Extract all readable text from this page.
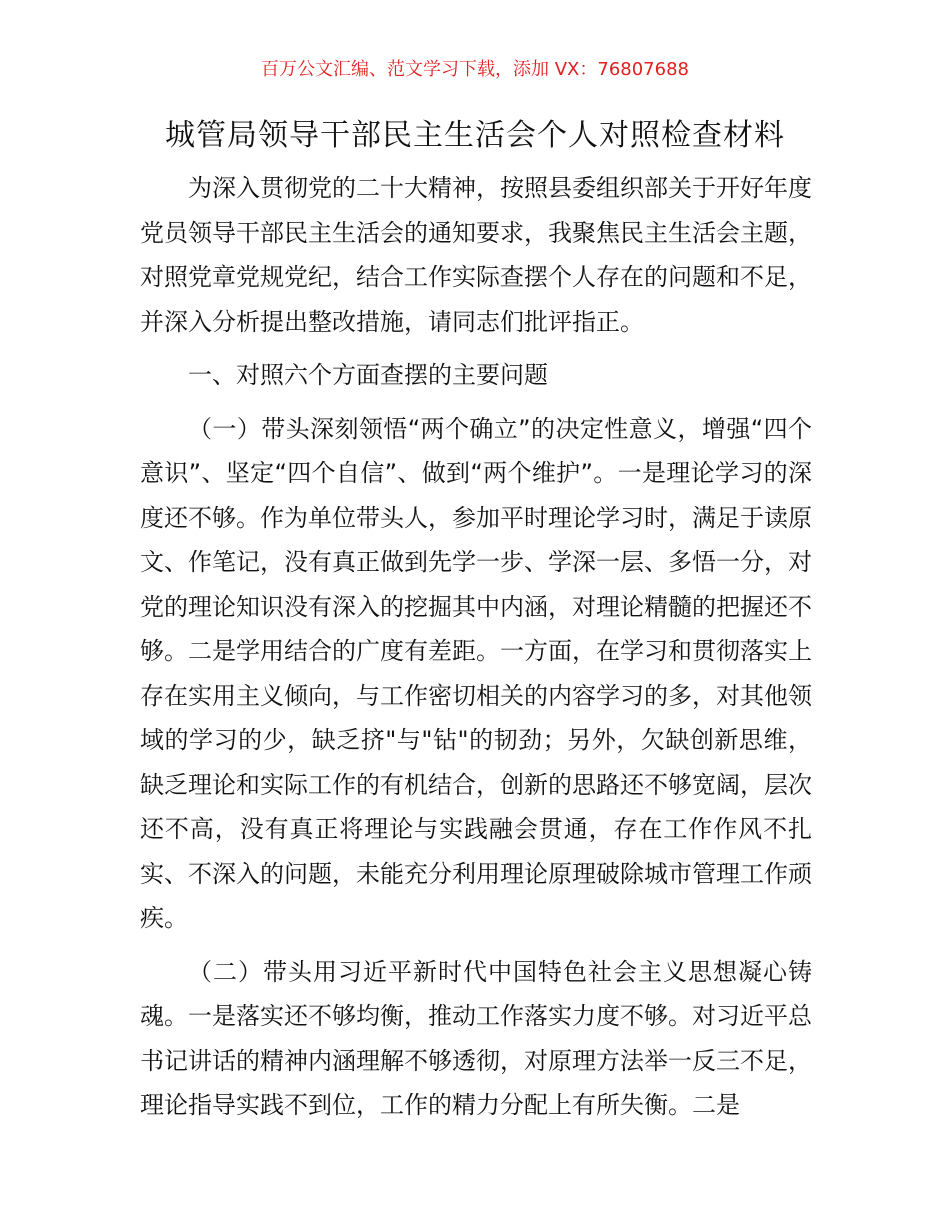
百万公文汇编、范文学习下载，添加 VX：76807688
城管局领导干部民主生活会个人对照检查材料

为深入贯彻党的二十大精神，按照县委组织部关于开好年度党员领导干部民主生活会的通知要求，我聚焦民主生活会主题，对照党章党规党纪，结合工作实际查摆个人存在的问题和不足，并深入分析提出整改措施，请同志们批评指正。

一、对照六个方面查摆的主要问题

（一）带头深刻领悟“两个确立”的决定性意义，增强“四个意识”、坚定“四个自信”、做到“两个维护”。一是理论学习的深度还不够。作为单位带头人，参加平时理论学习时，满足于读原文、作笔记，没有真正做到先学一步、学深一层、多悟一分，对党的理论知识没有深入的挖掘其中内涵，对理论精髓的把握还不够。二是学用结合的广度有差距。一方面，在学习和贯彻落实上存在实用主义倾向，与工作密切相关的内容学习的多，对其他领域的学习的少，缺乏挤"与"钻"的韧劲；另外，欠缺创新思维，缺乏理论和实际工作的有机结合，创新的思路还不够宽阔，层次还不高，没有真正将理论与实践融会贯通，存在工作作风不扎实、不深入的问题，未能充分利用理论原理破除城市管理工作顽疾。

（二）带头用习近平新时代中国特色社会主义思想凝心铸魂。一是落实还不够均衡，推动工作落实力度不够。对习近平总书记讲话的精神内涵理解不够透彻，对原理方法举一反三不足，理论指导实践不到位，工作的精力分配上有所失衡。二是
